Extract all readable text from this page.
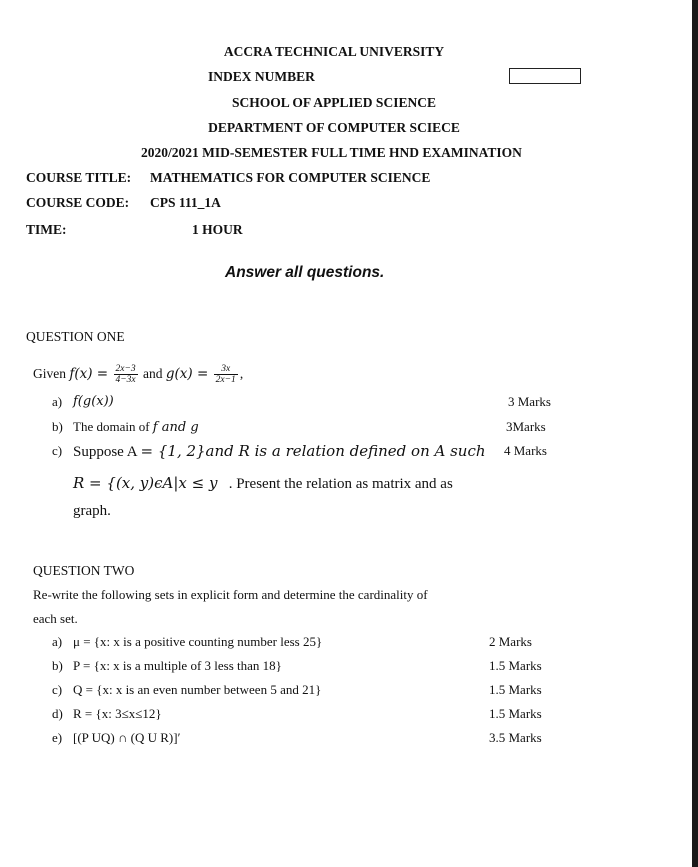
ACCRA TECHNICAL UNIVERSITY
INDEX NUMBER
SCHOOL OF APPLIED SCIENCE
DEPARTMENT OF COMPUTER SCIECE
2020/2021 MID-SEMESTER FULL TIME HND EXAMINATION
COURSE TITLE: MATHEMATICS FOR COMPUTER SCIENCE
COURSE CODE: CPS 111_1A
TIME:	1 HOUR
Answer all questions.
QUESTION ONE
Given $f(x) = \frac{2x-3}{4-3x}$ and $g(x) = \frac{3x}{2x-1}$ ,
a) f(g(x))	3 Marks
b) The domain of f and g	3Marks
c) Suppose A = {1, 2}and R is a relation defined on A such 4 Marks
R = {(x, y)ϵA|x ≤ y . Present the relation as matrix and as
graph.
QUESTION TWO
Re-write the following sets in explicit form and determine the cardinality of
each set.
a) μ = {x: x is a positive counting number less 25}	2 Marks
b) P = {x: x is a multiple of 3 less than 18}	1.5 Marks
c) Q = {x: x is an even number between 5 and 21}	1.5 Marks
d) R = {x: 3≤x≤12}	1.5 Marks
e) [(P UQ) ∩ (Q U R)]′	3.5 Marks
